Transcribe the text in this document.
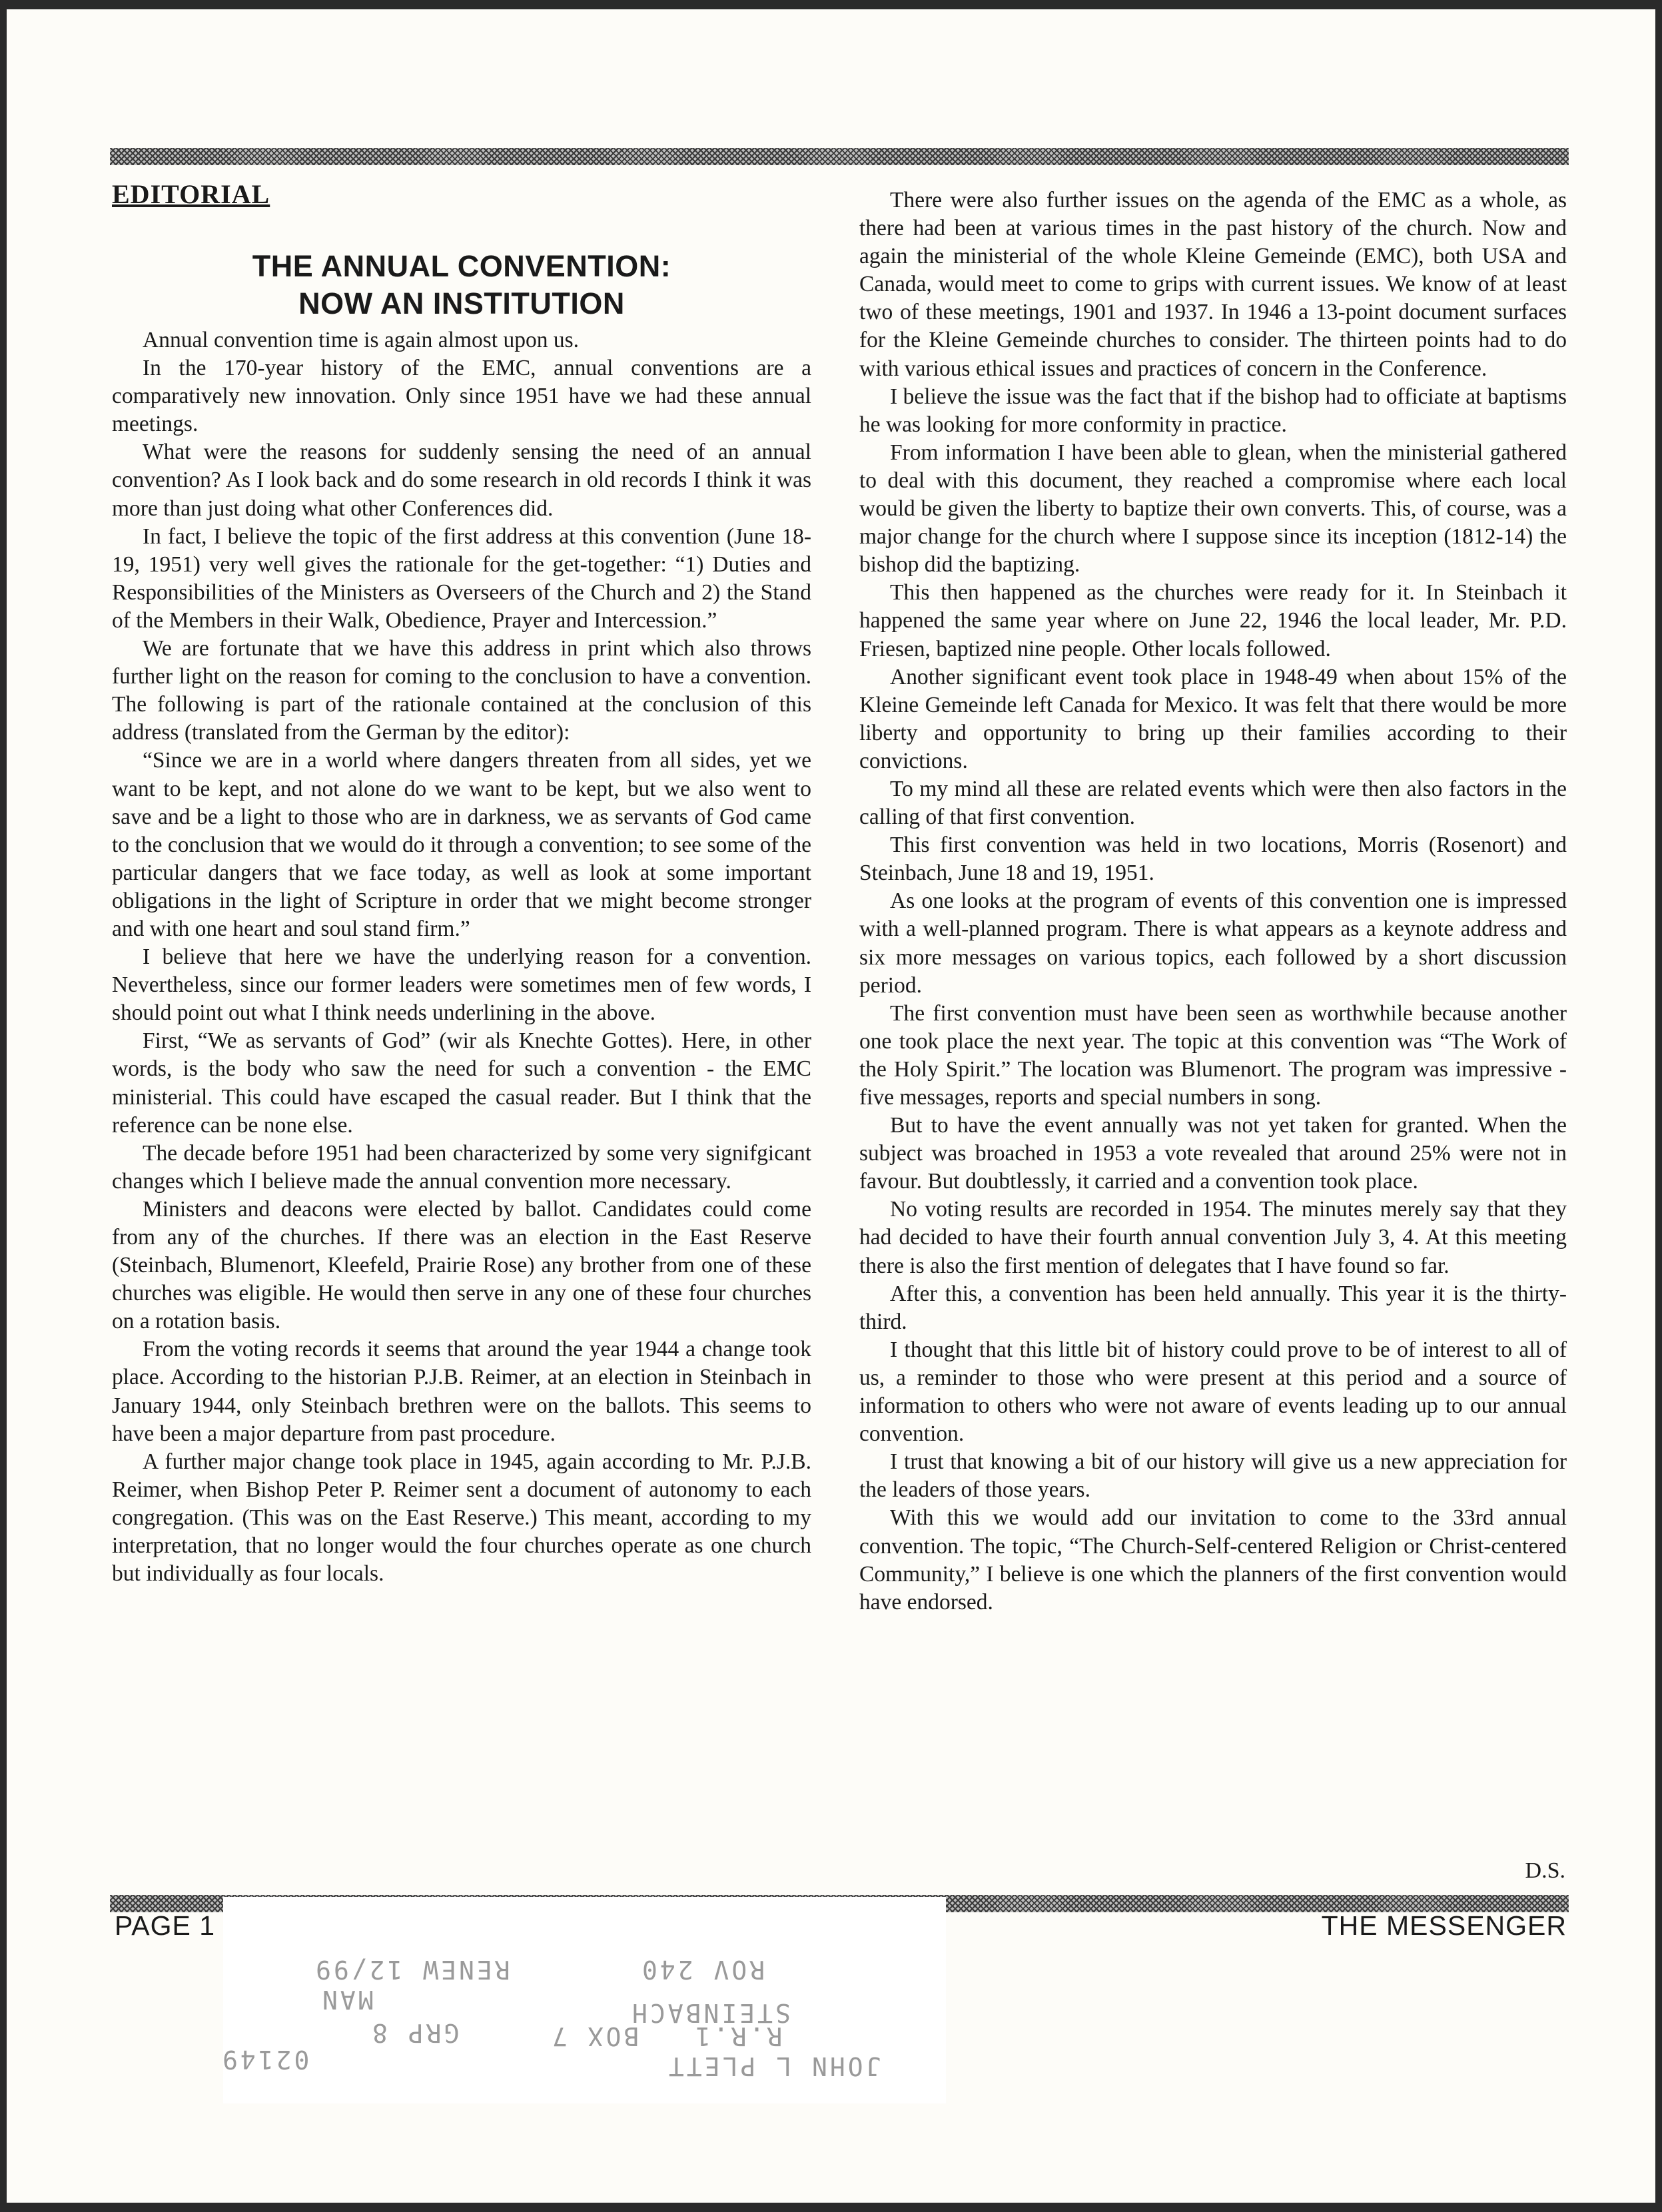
EDITORIAL
THE ANNUAL CONVENTION:
NOW AN INSTITUTION

Annual convention time is again almost upon us.

In the 170-year history of the EMC, annual conventions are a comparatively new innovation. Only since 1951 have we had these annual meetings.

What were the reasons for suddenly sensing the need of an annual convention? As I look back and do some research in old records I think it was more than just doing what other Conferences did.

In fact, I believe the topic of the first address at this convention (June 18-19, 1951) very well gives the rationale for the get-together: “1) Duties and Responsibilities of the Ministers as Overseers of the Church and 2) the Stand of the Members in their Walk, Obedience, Prayer and Intercession.”

We are fortunate that we have this address in print which also throws further light on the reason for coming to the conclusion to have a convention. The following is part of the rationale contained at the conclusion of this address (translated from the German by the editor):

“Since we are in a world where dangers threaten from all sides, yet we want to be kept, and not alone do we want to be kept, but we also went to save and be a light to those who are in darkness, we as servants of God came to the conclusion that we would do it through a convention; to see some of the particular dangers that we face today, as well as look at some important obligations in the light of Scripture in order that we might become stronger and with one heart and soul stand firm.”

I believe that here we have the underlying reason for a convention. Nevertheless, since our former leaders were sometimes men of few words, I should point out what I think needs underlining in the above.

First, “We as servants of God” (wir als Knechte Gottes). Here, in other words, is the body who saw the need for such a convention - the EMC ministerial. This could have escaped the casual reader. But I think that the reference can be none else.

The decade before 1951 had been characterized by some very signifgicant changes which I believe made the annual convention more necessary.

Ministers and deacons were elected by ballot. Candidates could come from any of the churches. If there was an election in the East Reserve (Steinbach, Blumenort, Kleefeld, Prairie Rose) any brother from one of these churches was eligible. He would then serve in any one of these four churches on a rotation basis.

From the voting records it seems that around the year 1944 a change took place. According to the historian P.J.B. Reimer, at an election in Steinbach in January 1944, only Steinbach brethren were on the ballots. This seems to have been a major departure from past procedure.

A further major change took place in 1945, again according to Mr. P.J.B. Reimer, when Bishop Peter P. Reimer sent a document of autonomy to each congregation. (This was on the East Reserve.) This meant, according to my interpretation, that no longer would the four churches operate as one church but individually as four locals.

There were also further issues on the agenda of the EMC as a whole, as there had been at various times in the past history of the church. Now and again the ministerial of the whole Kleine Gemeinde (EMC), both USA and Canada, would meet to come to grips with current issues. We know of at least two of these meetings, 1901 and 1937. In 1946 a 13-point document surfaces for the Kleine Gemeinde churches to consider. The thirteen points had to do with various ethical issues and practices of concern in the Conference.

I believe the issue was the fact that if the bishop had to officiate at baptisms he was looking for more conformity in practice.

From information I have been able to glean, when the ministerial gathered to deal with this document, they reached a compromise where each local would be given the liberty to baptize their own converts. This, of course, was a major change for the church where I suppose since its inception (1812-14) the bishop did the baptizing.

This then happened as the churches were ready for it. In Steinbach it happened the same year where on June 22, 1946 the local leader, Mr. P.D. Friesen, baptized nine people. Other locals followed.

Another significant event took place in 1948-49 when about 15% of the Kleine Gemeinde left Canada for Mexico. It was felt that there would be more liberty and opportunity to bring up their families according to their convictions.

To my mind all these are related events which were then also factors in the calling of that first convention.

This first convention was held in two locations, Morris (Rosenort) and Steinbach, June 18 and 19, 1951.

As one looks at the program of events of this convention one is impressed with a well-planned program. There is what appears as a keynote address and six more messages on various topics, each followed by a short discussion period.

The first convention must have been seen as worthwhile because another one took place the next year. The topic at this convention was “The Work of the Holy Spirit.” The location was Blumenort. The program was impressive - five messages, reports and special numbers in song.

But to have the event annually was not yet taken for granted. When the subject was broached in 1953 a vote revealed that around 25% were not in favour. But doubtlessly, it carried and a convention took place.

No voting results are recorded in 1954. The minutes merely say that they had decided to have their fourth annual convention July 3, 4. At this meeting there is also the first mention of delegates that I have found so far.

After this, a convention has been held annually. This year it is the thirty-third.

I thought that this little bit of history could prove to be of interest to all of us, a reminder to those who were present at this period and a source of information to others who were not aware of events leading up to our annual convention.

I trust that knowing a bit of our history will give us a new appreciation for the leaders of those years.

With this we would add our invitation to come to the 33rd annual convention. The topic, “The Church-Self-centered Religion or Christ-centered Community,” I believe is one which the planners of the first convention would have endorsed.

D.S.

PAGE 1	THE MESSENGER

RENEW 12/99	ROV 240

MAN	STEINBACH

R.R.1   BOX 7

GRP 8

02149	JOHN L PLETT
